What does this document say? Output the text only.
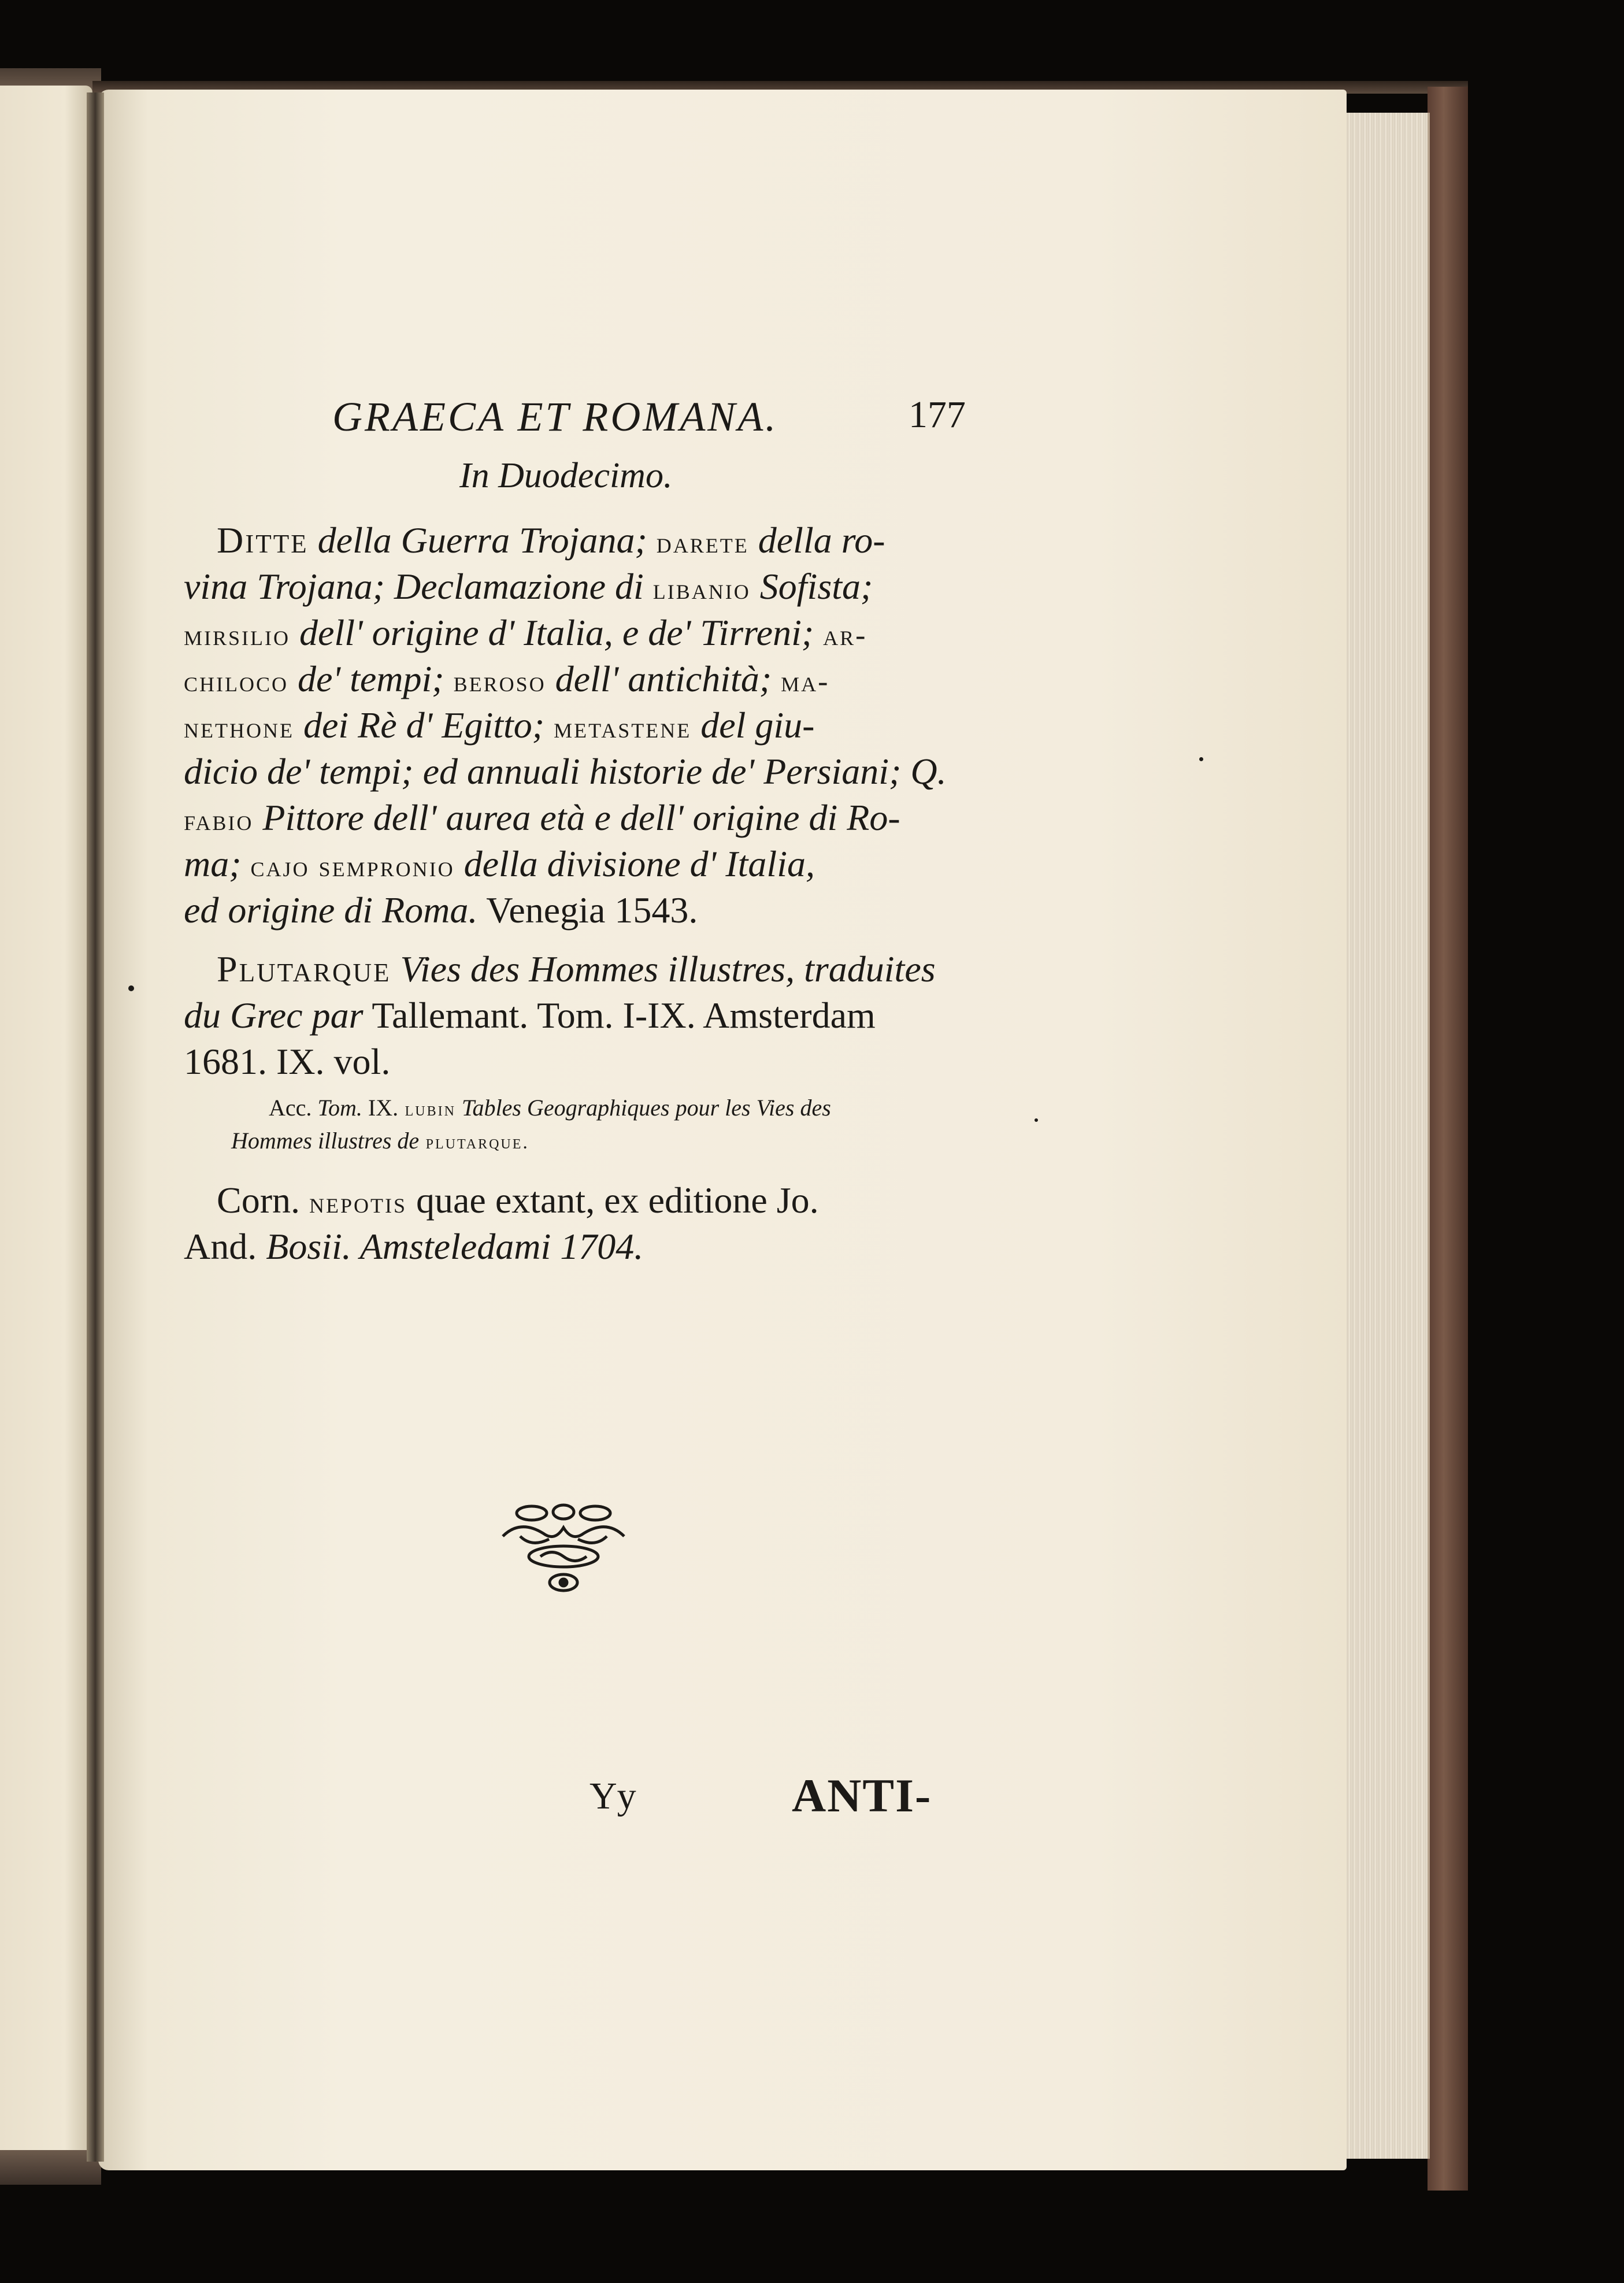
GRAECA ET ROMANA.	177
In Duodecimo.
Ditte della Guerra Trojana; darete della ro-
vina Trojana; Declamazione di libanio Sofista;
mirsilio dell' origine d' Italia, e de' Tirreni; ar-
chiloco de' tempi; beroso dell' antichità; ma-
nethone dei Rè d' Egitto; metastene del giu-
dicio de' tempi; ed annuali historie de' Persiani; Q.
fabio Pittore dell' aurea età e dell' origine di Ro-
ma; cajo sempronio della divisione d' Italia,
ed origine di Roma. Venegia 1543.
Plutarque Vies des Hommes illustres, traduites
du Grec par Tallemant. Tom. I-IX. Amsterdam
1681. IX. vol.
Acc. Tom. IX. lubin Tables Geographiques pour les Vies des
Hommes illustres de plutarque.
Corn. nepotis quae extant, ex editione Jo.
And. Bosii. Amsteledami 1704.
Yy	ANTI-
